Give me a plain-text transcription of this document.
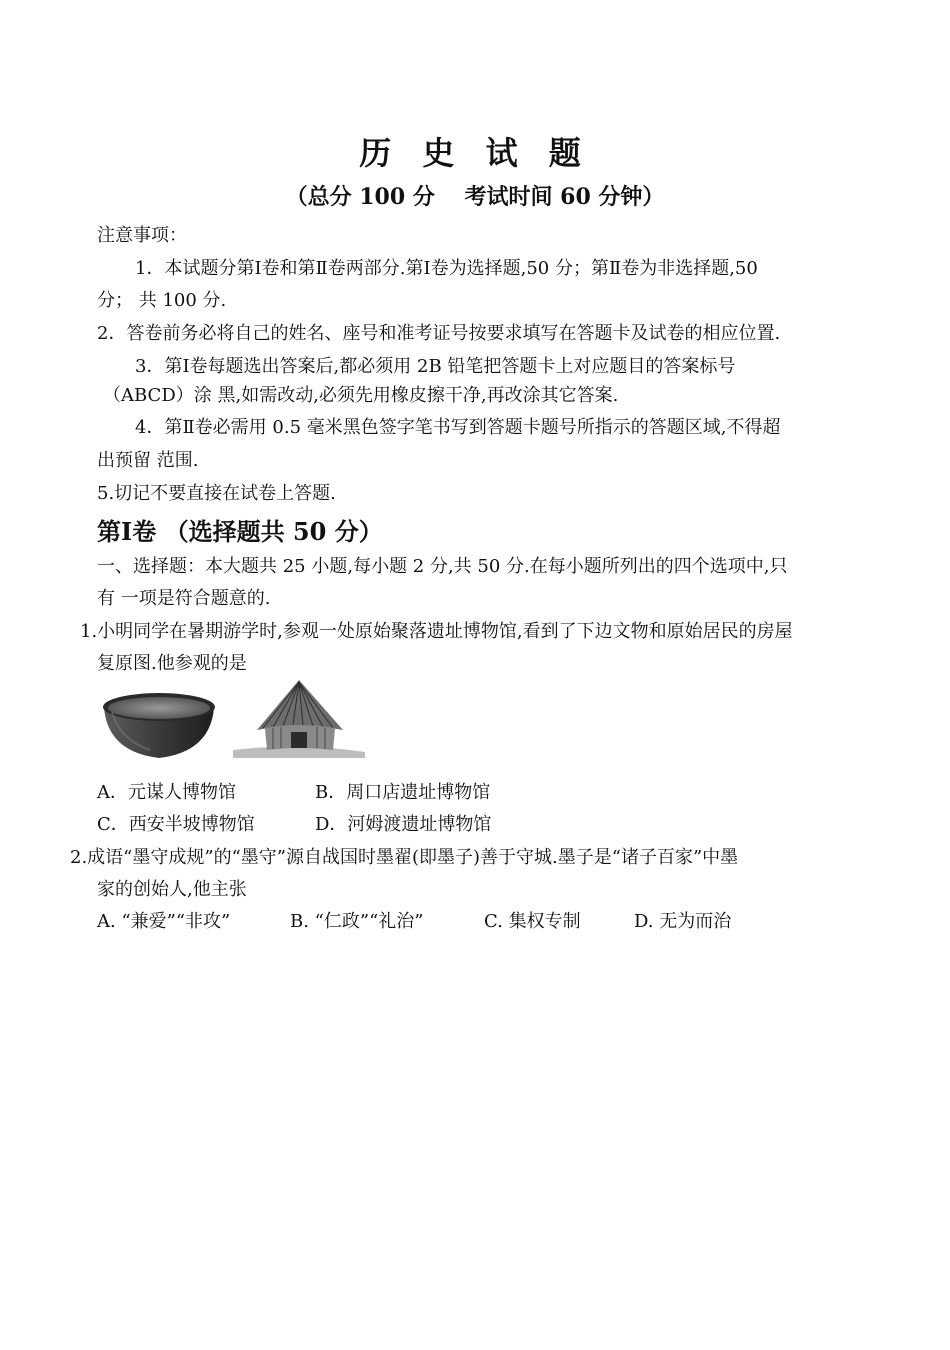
历 史 试 题
（总分 100 分　 考试时间 60 分钟）
注意事项：
1．本试题分第Ⅰ卷和第Ⅱ卷两部分.第Ⅰ卷为选择题,50 分；第Ⅱ卷为非选择题,50
分； 共 100 分.
2．答卷前务必将自己的姓名、座号和准考证号按要求填写在答题卡及试卷的相应位置.
3．第Ⅰ卷每题选出答案后,都必须用 2B 铅笔把答题卡上对应题目的答案标号
（ABCD）涂 黑,如需改动,必须先用橡皮擦干净,再改涂其它答案.
4．第Ⅱ卷必需用 0.5 毫米黑色签字笔书写到答题卡题号所指示的答题区域,不得超
出预留 范围.
5.切记不要直接在试卷上答题.
第Ⅰ卷 （选择题共 50 分）
一、选择题：本大题共 25 小题,每小题 2 分,共 50 分.在每小题所列出的四个选项中,只
有 一项是符合题意的.
1.小明同学在暑期游学时,参观一处原始聚落遗址博物馆,看到了下边文物和原始居民的房屋
复原图.他参观的是
A．元谋人博物馆	B．周口店遗址博物馆
C．西安半坡博物馆	D．河姆渡遗址博物馆
2.成语“墨守成规”的“墨守”源自战国时墨翟(即墨子)善于守城.墨子是“诸子百家”中墨
家的创始人,他主张
A. “兼爱”“非攻”	B. “仁政”“礼治”	C. 集权专制	D. 无为而治
